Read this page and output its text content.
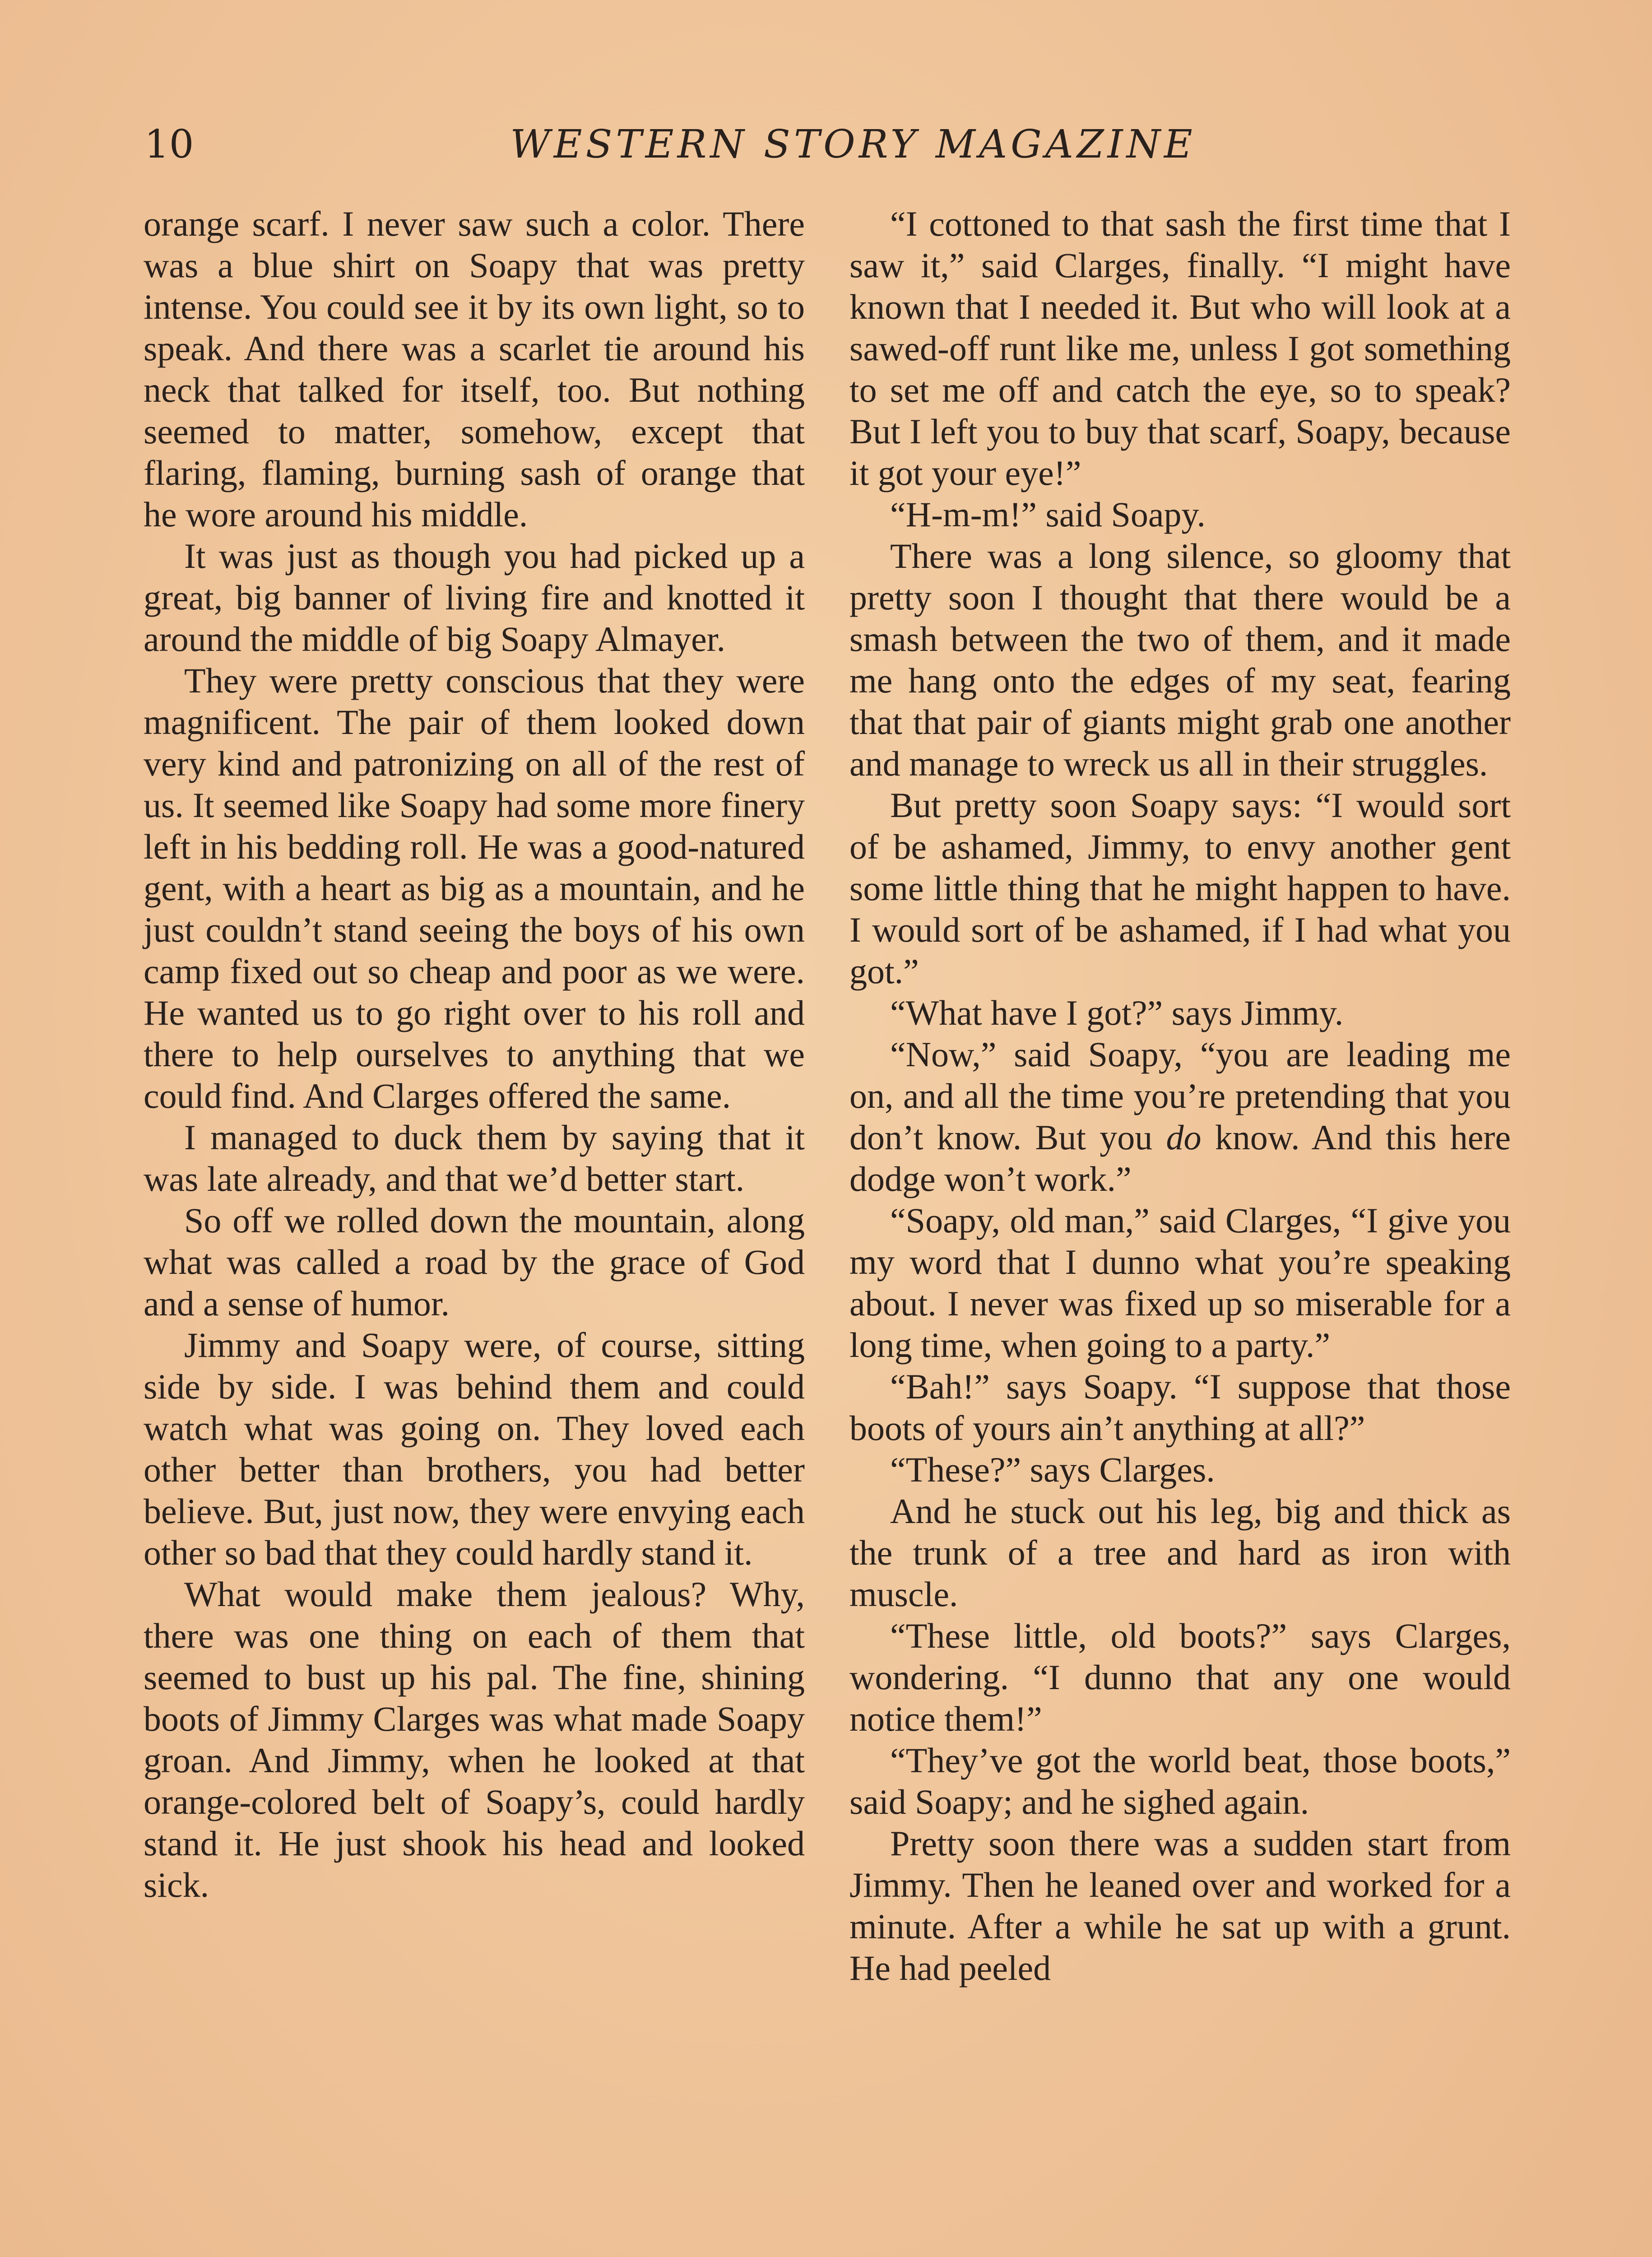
10	WESTERN STORY MAGAZINE

orange scarf. I never saw such a color. There was a blue shirt on Soapy that was pretty intense. You could see it by its own light, so to speak. And there was a scarlet tie around his neck that talked for itself, too. But nothing seemed to matter, somehow, except that flaring, flaming, burning sash of orange that he wore around his middle.

It was just as though you had picked up a great, big banner of living fire and knotted it around the middle of big Soapy Almayer.

They were pretty conscious that they were magnificent. The pair of them looked down very kind and patronizing on all of the rest of us. It seemed like Soapy had some more finery left in his bedding roll. He was a good-natured gent, with a heart as big as a mountain, and he just couldn’t stand seeing the boys of his own camp fixed out so cheap and poor as we were. He wanted us to go right over to his roll and there to help ourselves to anything that we could find. And Clarges offered the same.

I managed to duck them by saying that it was late already, and that we’d better start.

So off we rolled down the mountain, along what was called a road by the grace of God and a sense of humor.

Jimmy and Soapy were, of course, sitting side by side. I was behind them and could watch what was going on. They loved each other better than brothers, you had better believe. But, just now, they were envying each other so bad that they could hardly stand it.

What would make them jealous? Why, there was one thing on each of them that seemed to bust up his pal. The fine, shining boots of Jimmy Clarges was what made Soapy groan. And Jimmy, when he looked at that orange-colored belt of Soapy’s, could hardly stand it. He just shook his head and looked sick.

“I cottoned to that sash the first time that I saw it,” said Clarges, finally. “I might have known that I needed it. But who will look at a sawed-off runt like me, unless I got something to set me off and catch the eye, so to speak? But I left you to buy that scarf, Soapy, because it got your eye!”

“H-m-m!” said Soapy.

There was a long silence, so gloomy that pretty soon I thought that there would be a smash between the two of them, and it made me hang onto the edges of my seat, fearing that that pair of giants might grab one another and manage to wreck us all in their struggles.

But pretty soon Soapy says: “I would sort of be ashamed, Jimmy, to envy another gent some little thing that he might happen to have. I would sort of be ashamed, if I had what you got.”

“What have I got?” says Jimmy.

“Now,” said Soapy, “you are leading me on, and all the time you’re pretending that you don’t know. But you do know. And this here dodge won’t work.”

“Soapy, old man,” said Clarges, “I give you my word that I dunno what you’re speaking about. I never was fixed up so miserable for a long time, when going to a party.”

“Bah!” says Soapy. “I suppose that those boots of yours ain’t anything at all?”

“These?” says Clarges.

And he stuck out his leg, big and thick as the trunk of a tree and hard as iron with muscle.

“These little, old boots?” says Clarges, wondering. “I dunno that any one would notice them!”

“They’ve got the world beat, those boots,” said Soapy; and he sighed again.

Pretty soon there was a sudden start from Jimmy. Then he leaned over and worked for a minute. After a while he sat up with a grunt. He had peeled
